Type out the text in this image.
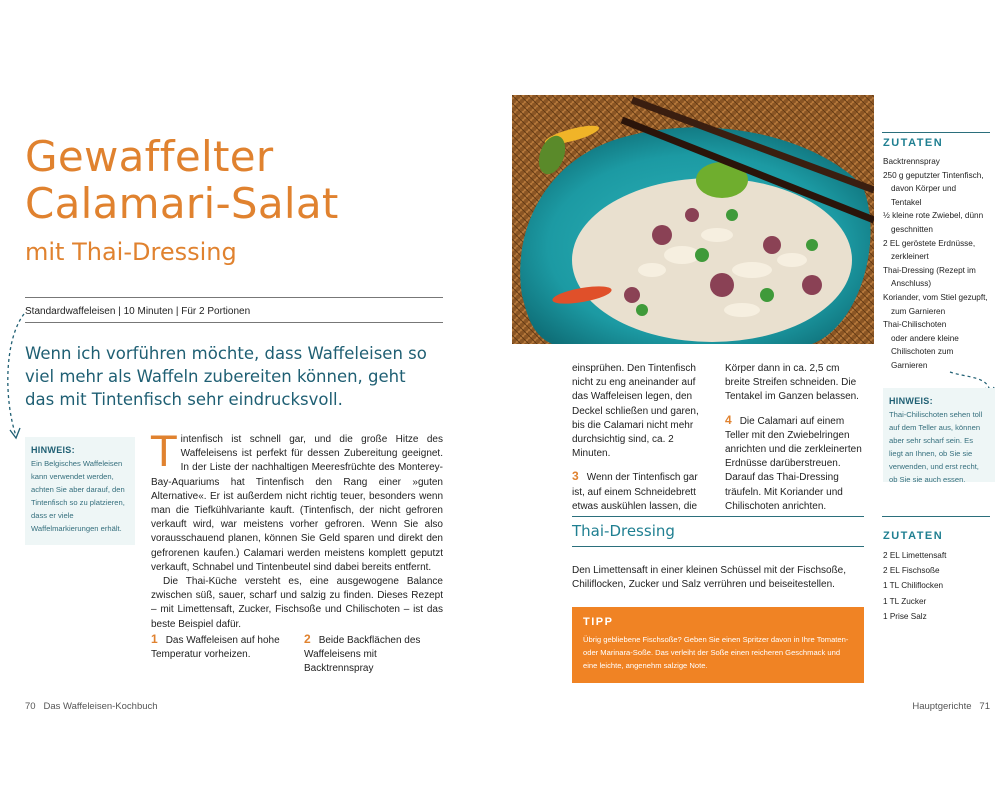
Gewaffelter
Calamari-Salat
mit Thai-Dressing
Standardwaffeleisen | 10 Minuten | Für 2 Portionen
Wenn ich vorführen möchte, dass Waffeleisen so viel mehr als Waffeln zubereiten können, geht das mit Tintenfisch sehr eindrucksvoll.
HINWEIS:
Ein Belgisches Waffeleisen kann verwendet werden, achten Sie aber darauf, den Tintenfisch so zu platzieren, dass er viele Waffelmarkierungen erhält.
T intenfisch ist schnell gar, und die große Hitze des Waffeleisens ist perfekt für dessen Zubereitung geeignet. In der Liste der nachhaltigen Meeresfrüchte des Monterey-Bay-Aquariums hat Tintenfisch den Rang einer »guten Alternative«. Er ist außerdem nicht richtig teuer, besonders wenn man die Tiefkühlvariante kauft. (Tintenfisch, der nicht gefroren verkauft wird, war meistens vorher gefroren. Wenn Sie also vorausschauend planen, können Sie Geld sparen und direkt den gefrorenen kaufen.) Calamari werden meistens komplett geputzt verkauft, Schnabel und Tintenbeutel sind dabei bereits entfernt.
Die Thai-Küche versteht es, eine ausgewogene Balance zwischen süß, sauer, scharf und salzig zu finden. Dieses Rezept – mit Limettensaft, Zucker, Fischsoße und Chilischoten – ist das beste Beispiel dafür.
1 Das Waffeleisen auf hohe Temperatur vorheizen.
2 Beide Backflächen des Waffeleisens mit Backtrennspray
70 Das Waffeleisen-Kochbuch
einsprühen. Den Tintenfisch nicht zu eng aneinander auf das Waffeleisen legen, den Deckel schließen und garen, bis die Calamari nicht mehr durchsichtig sind, ca. 2 Minuten.
3 Wenn der Tintenfisch gar ist, auf einem Schneidebrett etwas auskühlen lassen, die
Körper dann in ca. 2,5 cm breite Streifen schneiden. Die Tentakel im Ganzen belassen.
4 Die Calamari auf einem Teller mit den Zwiebelringen anrichten und die zerkleinerten Erdnüsse darüberstreuen. Darauf das Thai-Dressing träufeln. Mit Koriander und Chilischoten anrichten.
Thai-Dressing
Den Limettensaft in einer kleinen Schüssel mit der Fischsoße, Chiliflocken, Zucker und Salz verrühren und beiseitestellen.
TIPP
Übrig gebliebene Fischsoße? Geben Sie einen Spritzer davon in Ihre Tomaten- oder Marinara-Soße. Das verleiht der Soße einen reicheren Geschmack und eine leichte, angenehm salzige Note.
ZUTATEN
Backtrennspray
250 g geputzter Tintenfisch,
davon Körper und
Tentakel
½ kleine rote Zwiebel, dünn
geschnitten
2 EL geröstete Erdnüsse,
zerkleinert
Thai-Dressing (Rezept im
Anschluss)
Koriander, vom Stiel gezupft,
zum Garnieren
Thai-Chilischoten
oder andere kleine
Chilischoten zum
Garnieren
HINWEIS:
Thai-Chilischoten sehen toll auf dem Teller aus, können aber sehr scharf sein. Es liegt an Ihnen, ob Sie sie verwenden, und erst recht, ob Sie sie auch essen.
ZUTATEN
2 EL Limettensaft
2 EL Fischsoße
1 TL Chiliflocken
1 TL Zucker
1 Prise Salz
Hauptgerichte 71
